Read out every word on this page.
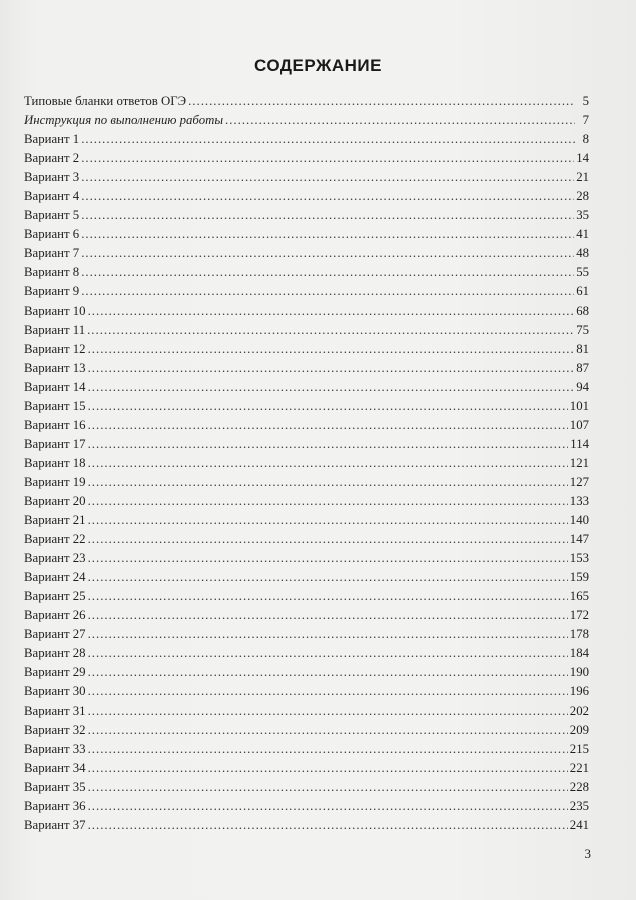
СОДЕРЖАНИЕ
Типовые бланки ответов ОГЭ .....	5
Инструкция по выполнению работы .....	7
Вариант 1 .....	8
Вариант 2 .....	14
Вариант 3 .....	21
Вариант 4 .....	28
Вариант 5 .....	35
Вариант 6 .....	41
Вариант 7 .....	48
Вариант 8 .....	55
Вариант 9 .....	61
Вариант 10 .....	68
Вариант 11 .....	75
Вариант 12 .....	81
Вариант 13 .....	87
Вариант 14 .....	94
Вариант 15 .....	101
Вариант 16 .....	107
Вариант 17 .....	114
Вариант 18 .....	121
Вариант 19 .....	127
Вариант 20 .....	133
Вариант 21 .....	140
Вариант 22 .....	147
Вариант 23 .....	153
Вариант 24 .....	159
Вариант 25 .....	165
Вариант 26 .....	172
Вариант 27 .....	178
Вариант 28 .....	184
Вариант 29 .....	190
Вариант 30 .....	196
Вариант 31 .....	202
Вариант 32 .....	209
Вариант 33 .....	215
Вариант 34 .....	221
Вариант 35 .....	228
Вариант 36 .....	235
Вариант 37 .....	241
3
